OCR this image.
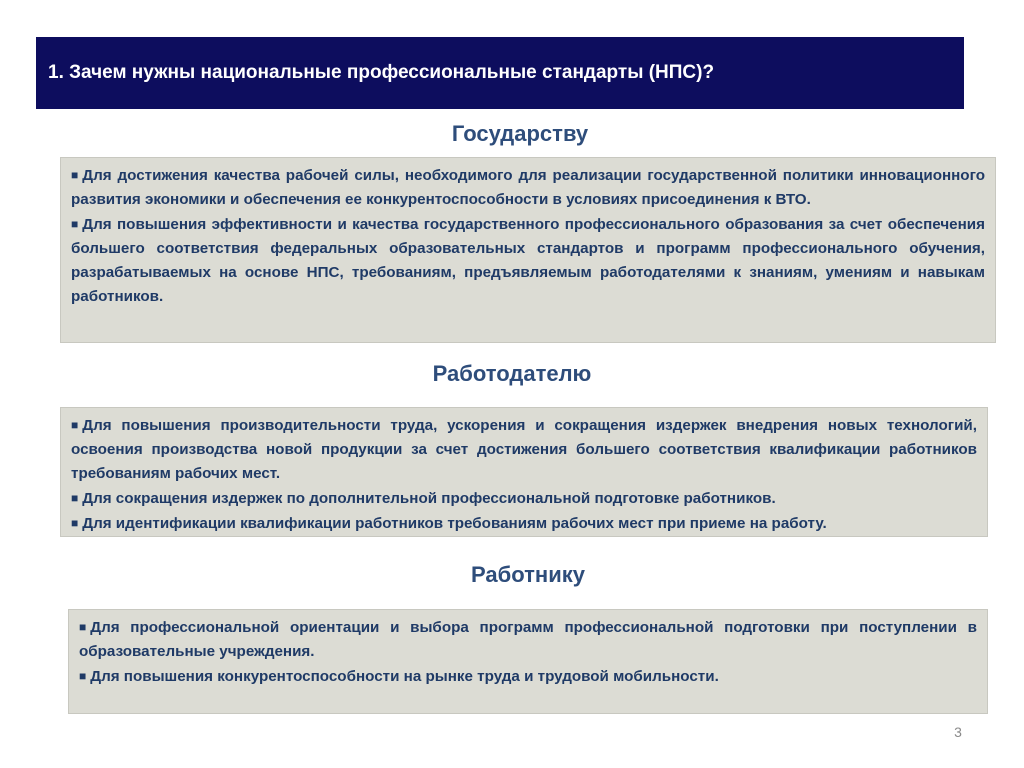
1. Зачем нужны национальные профессиональные стандарты (НПС)?
Государству

■ Для достижения качества рабочей силы, необходимого для реализации государственной политики инновационного развития экономики и обеспечения ее конкурентоспособности в условиях присоединения к ВТО.

■ Для повышения эффективности и качества государственного профессионального образования за счет обеспечения большего соответствия федеральных образовательных стандартов и программ профессионального обучения, разрабатываемых на основе НПС, требованиям, предъявляемым работодателями к знаниям, умениям и навыкам работников.

Работодателю

■ Для повышения производительности труда, ускорения и сокращения издержек внедрения новых технологий, освоения производства новой продукции за счет достижения большего соответствия квалификации работников требованиям рабочих мест.

■ Для сокращения издержек по дополнительной профессиональной подготовке работников.

■ Для идентификации квалификации работников требованиям рабочих мест при приеме на работу.

Работнику

■ Для профессиональной ориентации и выбора программ профессиональной подготовки при поступлении в образовательные учреждения.

■ Для повышения конкурентоспособности на рынке труда и трудовой мобильности.

3
